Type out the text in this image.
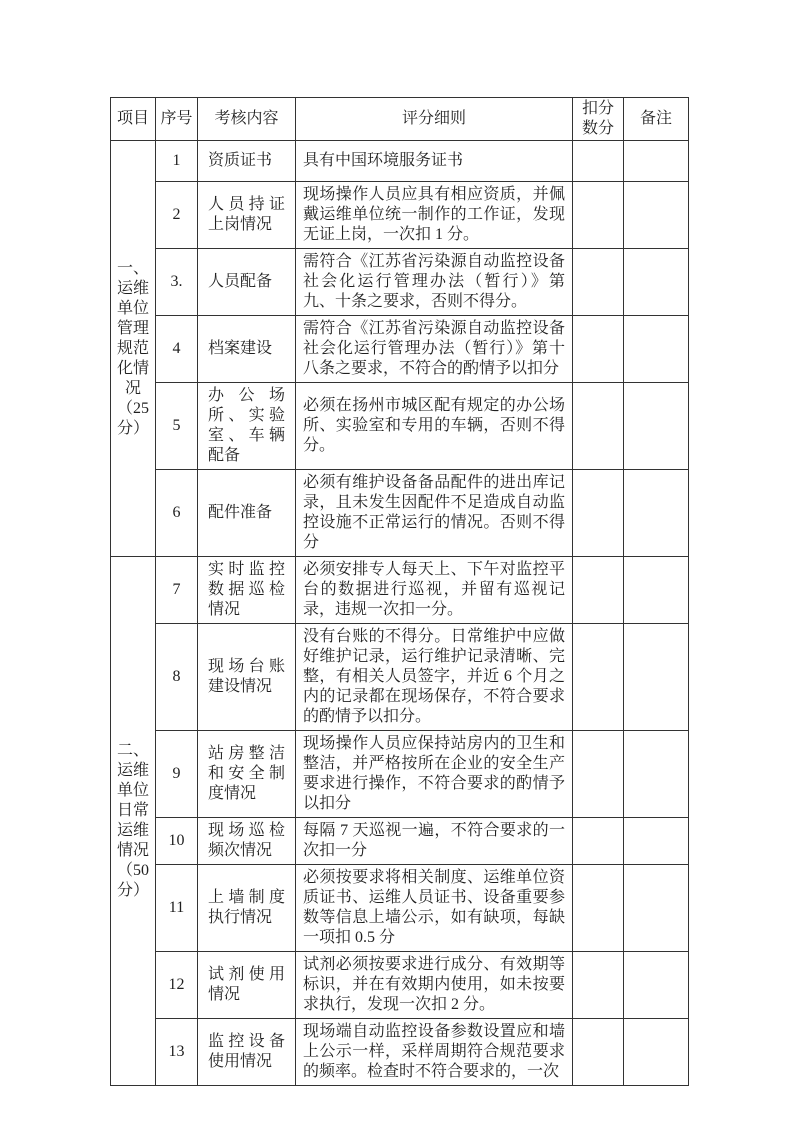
项目	序号	考核内容	评分细则	扣分数分	备注
一、运维单位管理规范化情况（25分）	1	资质证书	具有中国环境服务证书		
	2	人员持证上岗情况	现场操作人员应具有相应资质，并佩戴运维单位统一制作的工作证，发现无证上岗，一次扣 1 分。		
	3.	人员配备	需符合《江苏省污染源自动监控设备社会化运行管理办法（暂行）》第九、十条之要求，否则不得分。		
	4	档案建设	需符合《江苏省污染源自动监控设备社会化运行管理办法（暂行）》第十八条之要求，不符合的酌情予以扣分		
	5	办公场所、实验室、车辆配备	必须在扬州市城区配有规定的办公场所、实验室和专用的车辆，否则不得分。		
	6	配件准备	必须有维护设备备品配件的进出库记录，且未发生因配件不足造成自动监控设施不正常运行的情况。否则不得分		
二、运维单位日常运维情况（50分）	7	实时监控数据巡检情况	必须安排专人每天上、下午对监控平台的数据进行巡视，并留有巡视记录，违规一次扣一分。		
	8	现场台账建设情况	没有台账的不得分。日常维护中应做好维护记录，运行维护记录清晰、完整，有相关人员签字，并近 6 个月之内的记录都在现场保存，不符合要求的酌情予以扣分。		
	9	站房整洁和安全制度情况	现场操作人员应保持站房内的卫生和整洁，并严格按所在企业的安全生产要求进行操作，不符合要求的酌情予以扣分		
	10	现场巡检频次情况	每隔 7 天巡视一遍，不符合要求的一次扣一分		
	11	上墙制度执行情况	必须按要求将相关制度、运维单位资质证书、运维人员证书、设备重要参数等信息上墙公示，如有缺项，每缺一项扣 0.5 分		
	12	试剂使用情况	试剂必须按要求进行成分、有效期等标识，并在有效期内使用，如未按要求执行，发现一次扣 2 分。		
	13	监控设备使用情况	现场端自动监控设备参数设置应和墙上公示一样，采样周期符合规范要求的频率。检查时不符合要求的，一次		
